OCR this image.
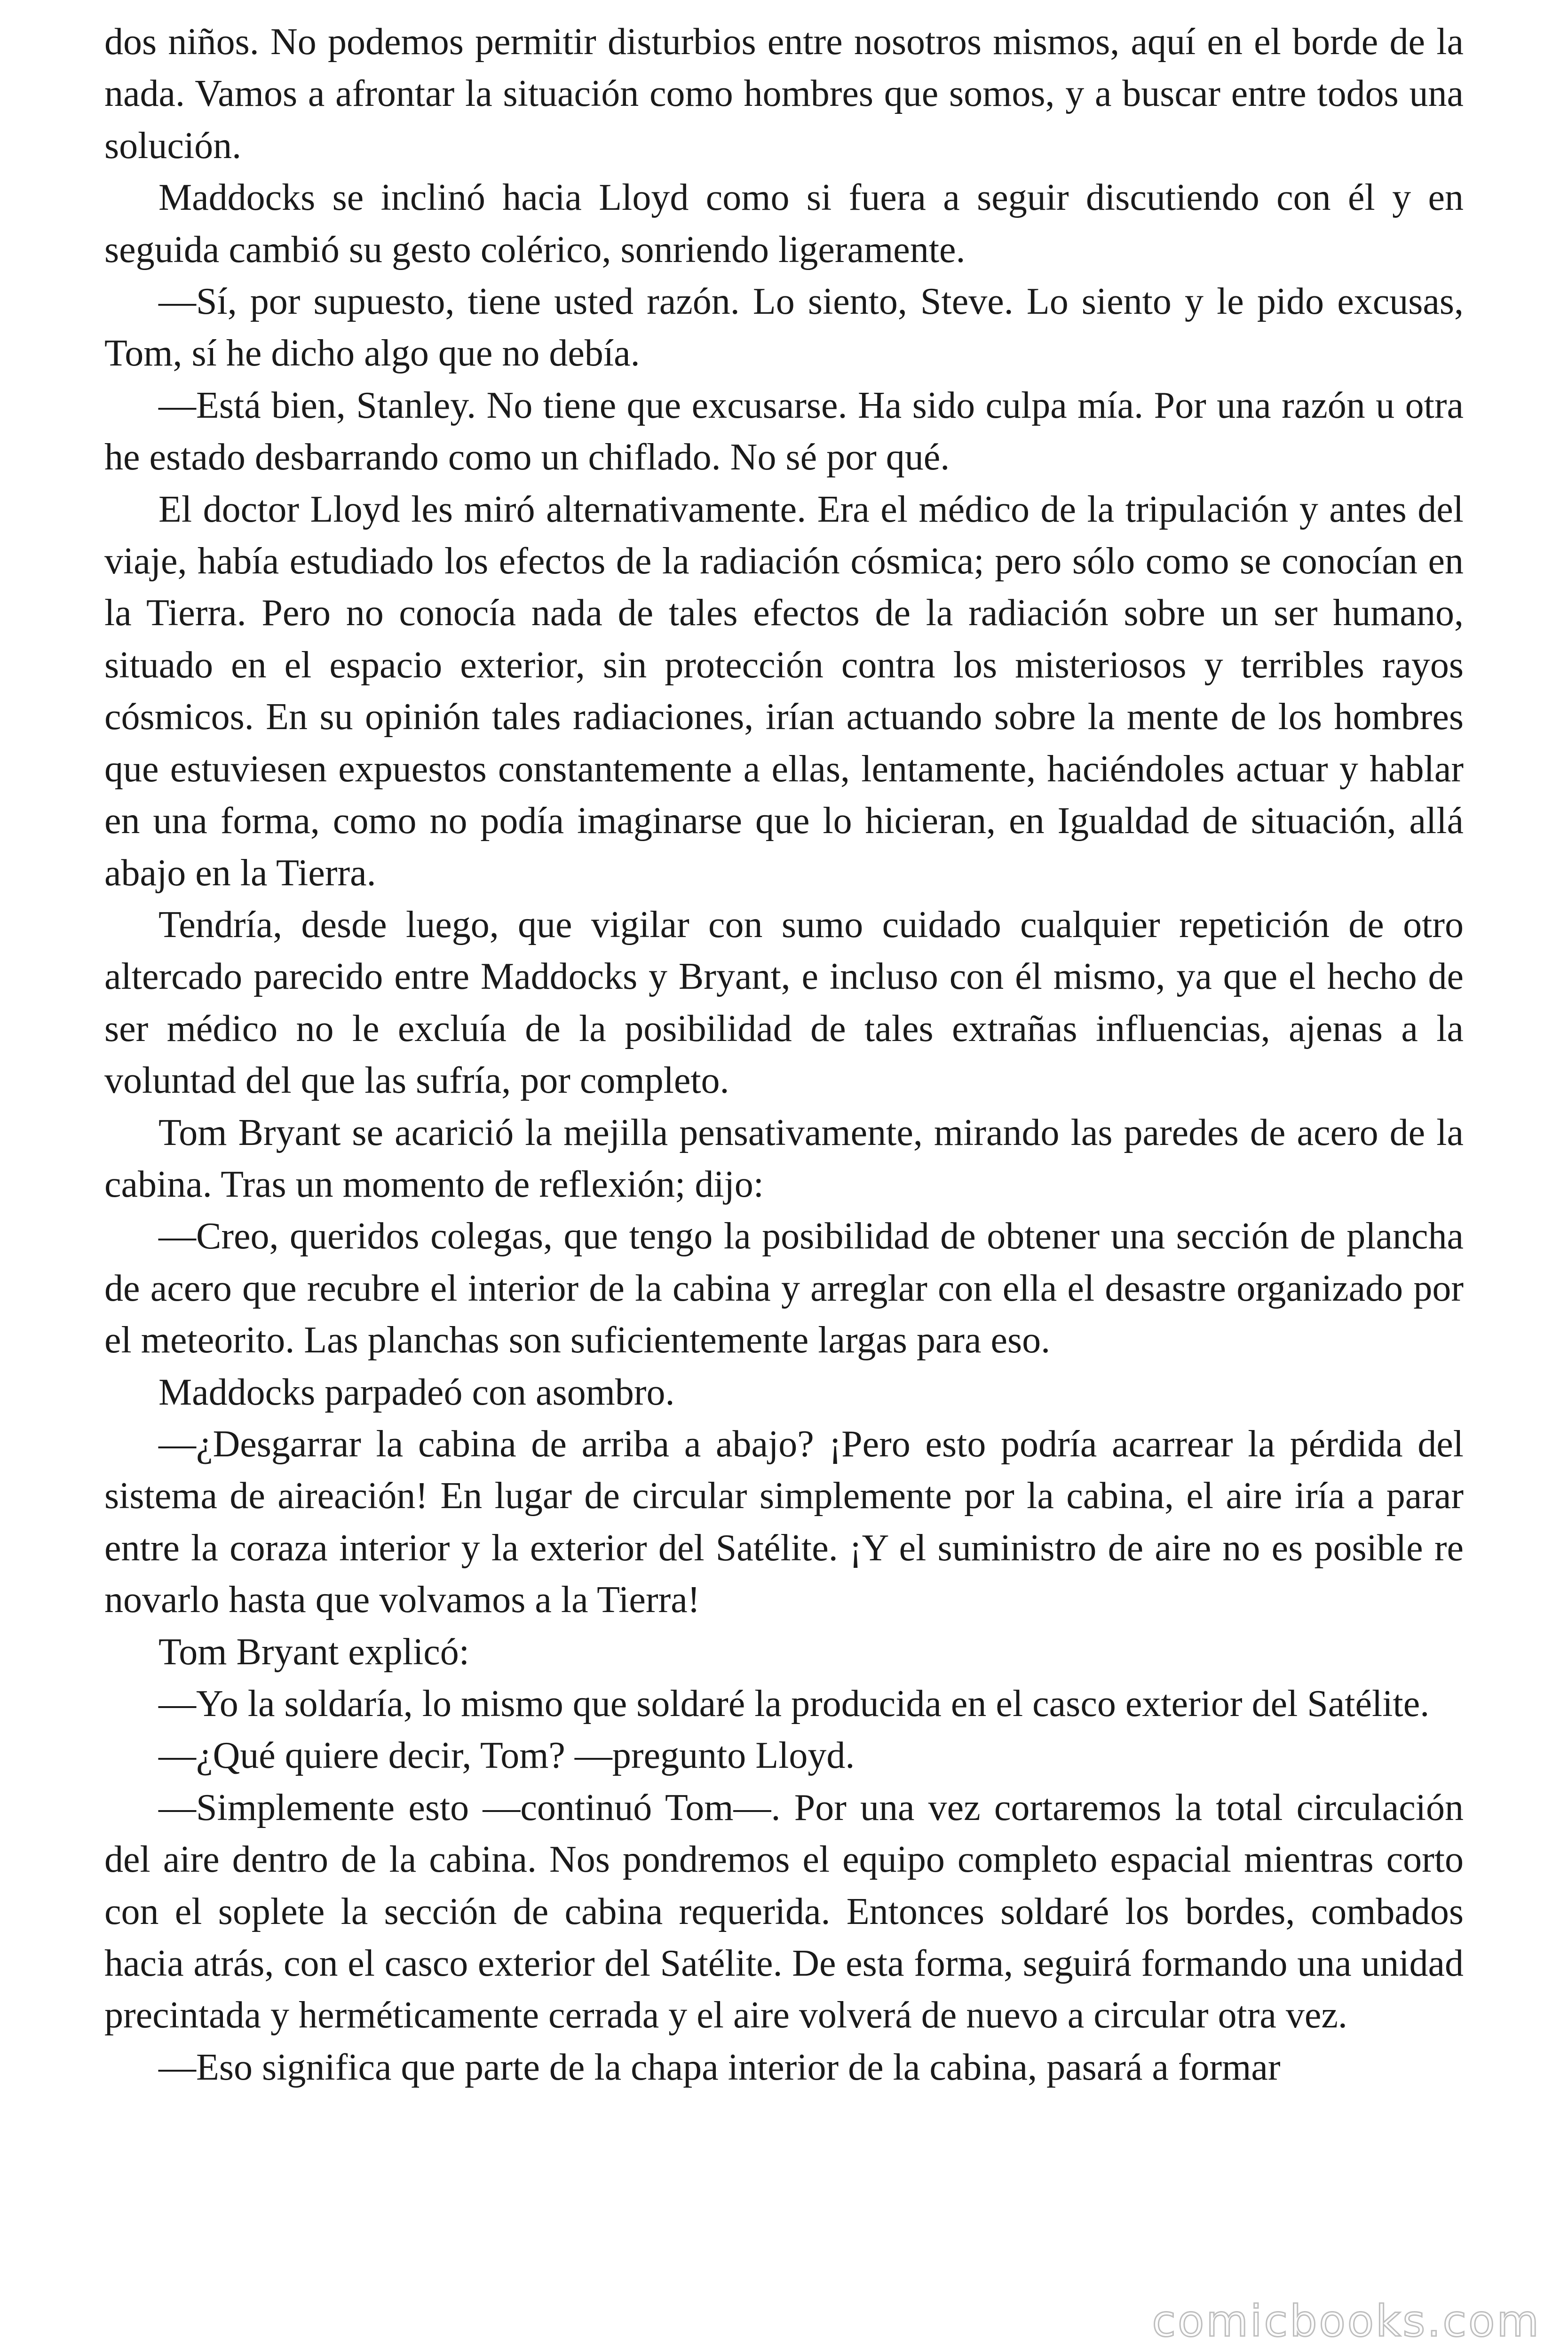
dos niños. No podemos permitir disturbios entre nosotros mismos, aquí en el borde de la nada. Vamos a afrontar la situación como hombres que somos, y a buscar entre todos una solución.

Maddocks se inclinó hacia Lloyd como si fuera a seguir discutiendo con él y en seguida cambió su gesto colérico, sonriendo ligeramente.

—Sí, por supuesto, tiene usted razón. Lo siento, Steve. Lo siento y le pido excusas, Tom, sí he dicho algo que no debía.

—Está bien, Stanley. No tiene que excusarse. Ha sido culpa mía. Por una razón u otra he estado desbarrando como un chiflado. No sé por qué.

El doctor Lloyd les miró alternativamente. Era el médico de la tripulación y antes del viaje, había estudiado los efectos de la radiación cósmica; pero sólo como se conocían en la Tierra. Pero no conocía nada de tales efectos de la radiación sobre un ser humano, situado en el espacio exterior, sin protección contra los misteriosos y terribles rayos cósmicos. En su opinión tales radiaciones, irían actuando sobre la mente de los hombres que estuviesen expuestos constantemente a ellas, lentamente, haciéndoles actuar y hablar en una forma, como no podía imaginarse que lo hicieran, en Igualdad de situación, allá abajo en la Tierra.

Tendría, desde luego, que vigilar con sumo cuidado cualquier repetición de otro altercado parecido entre Maddocks y Bryant, e incluso con él mismo, ya que el hecho de ser médico no le excluía de la posibilidad de tales extrañas influencias, ajenas a la voluntad del que las sufría, por completo.

Tom Bryant se acarició la mejilla pensativamente, mirando las paredes de acero de la cabina. Tras un momento de reflexión; dijo:

—Creo, queridos colegas, que tengo la posibilidad de obtener una sección de plancha de acero que recubre el interior de la cabina y arreglar con ella el desastre organizado por el meteorito. Las planchas son suficientemente largas para eso.

Maddocks parpadeó con asombro.

—¿Desgarrar la cabina de arriba a abajo? ¡Pero esto podría acarrear la pérdida del sistema de aireación! En lugar de circular simplemente por la cabina, el aire iría a parar entre la coraza interior y la exterior del Satélite. ¡Y el suministro de aire no es posible re novarlo hasta que volvamos a la Tierra!

Tom Bryant explicó:

—Yo la soldaría, lo mismo que soldaré la producida en el casco exterior del Satélite.

—¿Qué quiere decir, Tom? —pregunto Lloyd.

—Simplemente esto —continuó Tom—. Por una vez cortaremos la total circulación del aire dentro de la cabina. Nos pondremos el equipo completo espacial mientras corto con el soplete la sección de cabina requerida. Entonces soldaré los bordes, combados hacia atrás, con el casco exterior del Satélite. De esta forma, seguirá formando una unidad precintada y herméticamente cerrada y el aire volverá de nuevo a circular otra vez.

—Eso significa que parte de la chapa interior de la cabina, pasará a formar

comicbooks.com
